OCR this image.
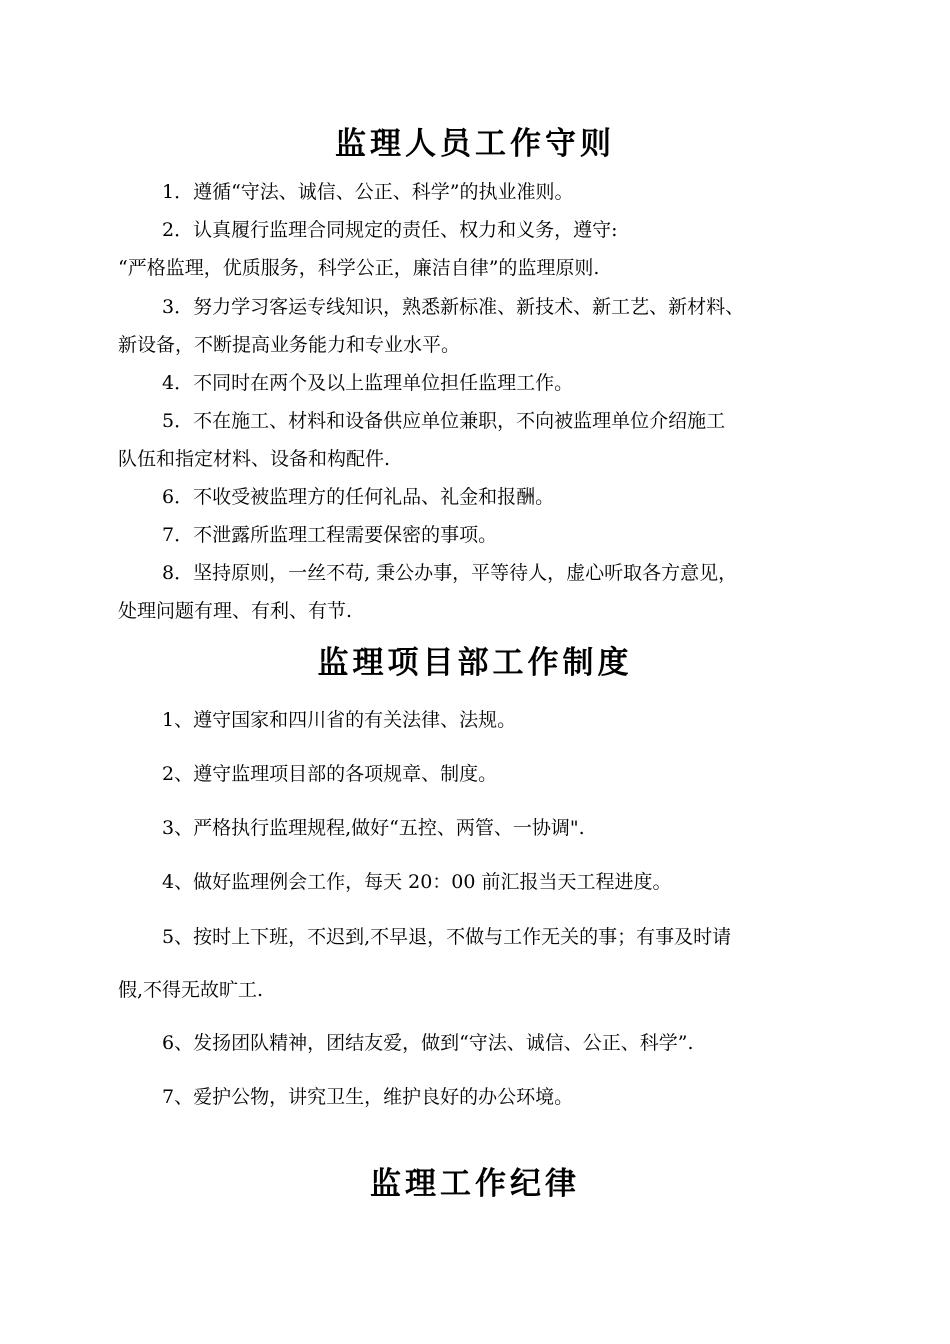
监理人员工作守则
1．遵循“守法、诚信、公正、科学”的执业准则。
2．认真履行监理合同规定的责任、权力和义务，遵守:
“严格监理，优质服务，科学公正，廉洁自律”的监理原则.
3．努力学习客运专线知识，熟悉新标准、新技术、新工艺、新材料、
新设备，不断提高业务能力和专业水平。
4．不同时在两个及以上监理单位担任监理工作。
5．不在施工、材料和设备供应单位兼职，不向被监理单位介绍施工
队伍和指定材料、设备和构配件.
6．不收受被监理方的任何礼品、礼金和报酬。
7．不泄露所监理工程需要保密的事项。
8．坚持原则，一丝不苟, 秉公办事，平等待人，虚心听取各方意见，
处理问题有理、有利、有节.
监理项目部工作制度
1、遵守国家和四川省的有关法律、法规。
2、遵守监理项目部的各项规章、制度。
3、严格执行监理规程,做好“五控、两管、一协调".
4、做好监理例会工作，每天 20：00 前汇报当天工程进度。
5、按时上下班，不迟到,不早退，不做与工作无关的事；有事及时请
假,不得无故旷工.
6、发扬团队精神，团结友爱，做到“守法、诚信、公正、科学”.
7、爱护公物，讲究卫生，维护良好的办公环境。
监理工作纪律
